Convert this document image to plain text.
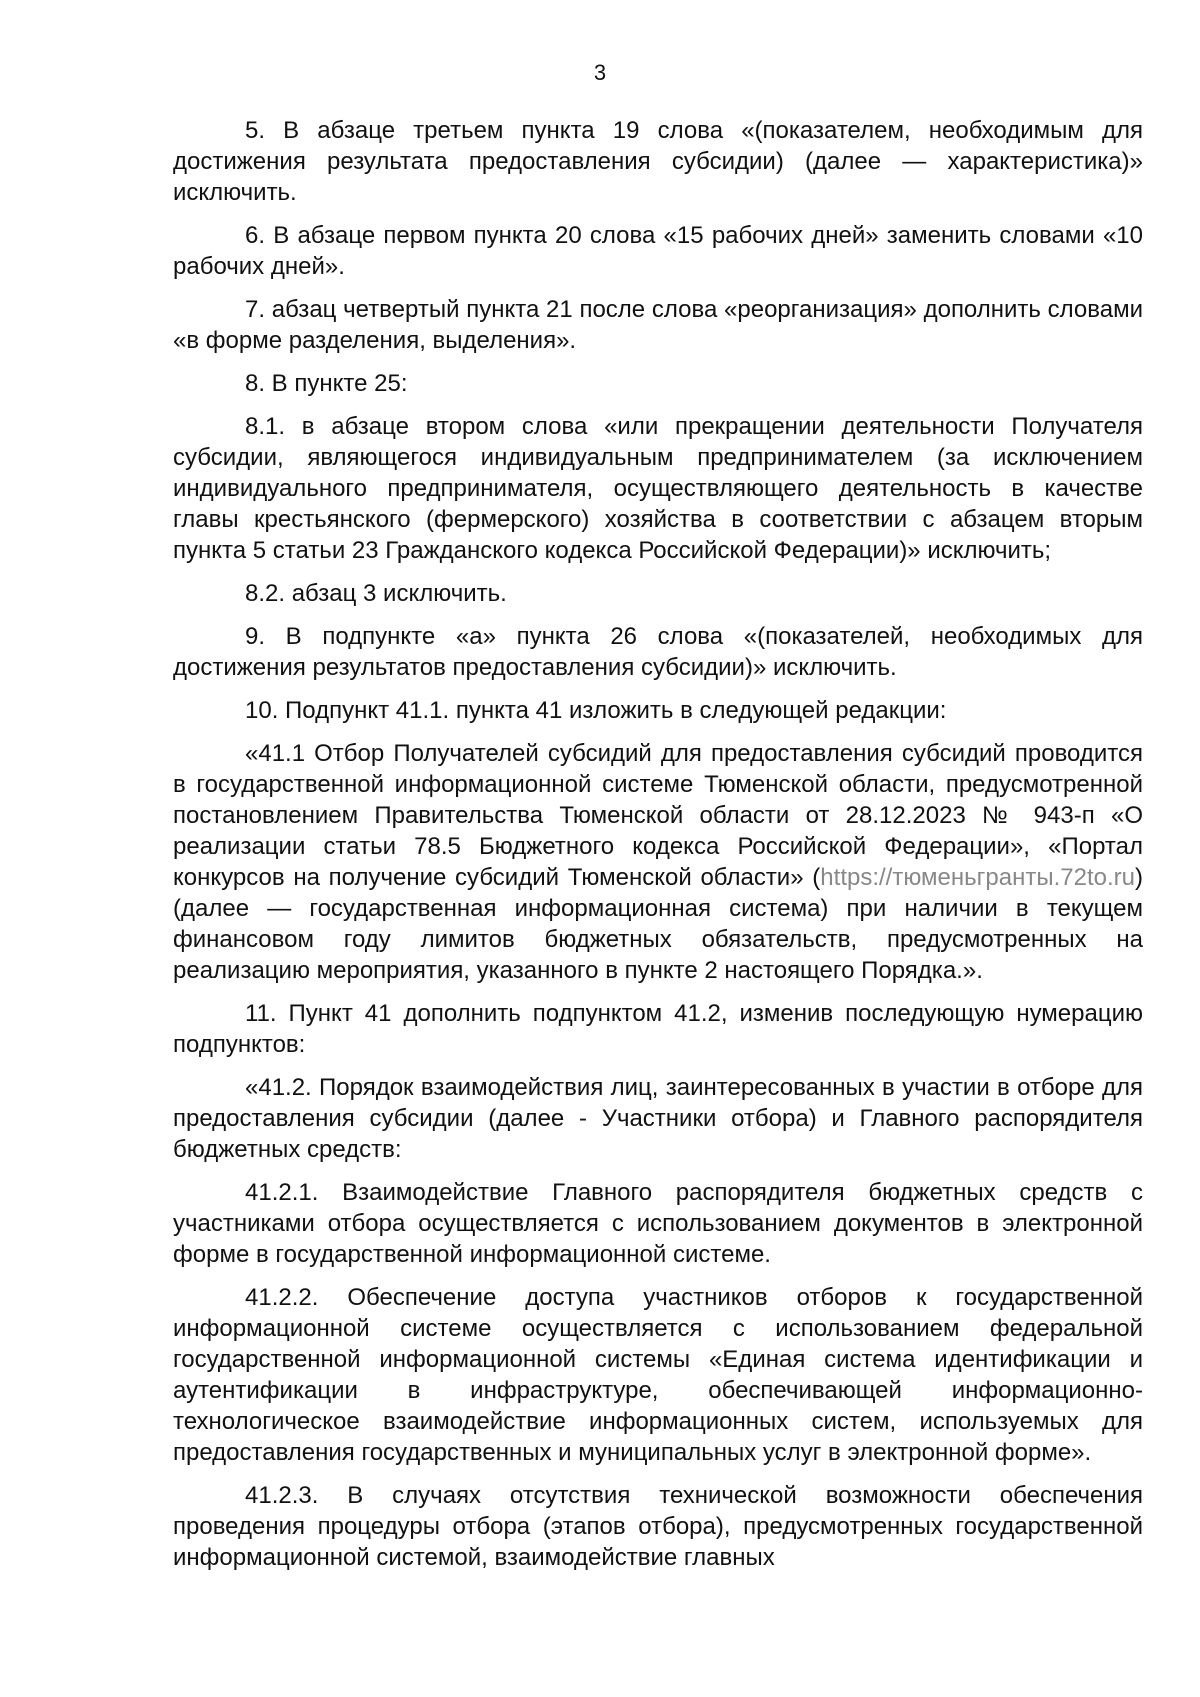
3

5. В абзаце третьем пункта 19 слова «(показателем, необходимым для достижения результата предоставления субсидии) (далее — характеристика)» исключить.

6. В абзаце первом пункта 20 слова «15 рабочих дней» заменить словами «10 рабочих дней».

7. абзац четвертый пункта 21 после слова «реорганизация» дополнить словами «в форме разделения, выделения».

8. В пункте 25:

8.1. в абзаце втором слова «или прекращении деятельности Получателя субсидии, являющегося индивидуальным предпринимателем (за исключением индивидуального предпринимателя, осуществляющего деятельность в качестве главы крестьянского (фермерского) хозяйства в соответствии с абзацем вторым пункта 5 статьи 23 Гражданского кодекса Российской Федерации)» исключить;

8.2. абзац 3 исключить.

9. В подпункте «а» пункта 26 слова «(показателей, необходимых для достижения результатов предоставления субсидии)» исключить.

10. Подпункт 41.1. пункта 41 изложить в следующей редакции:

«41.1 Отбор Получателей субсидий для предоставления субсидий проводится в государственной информационной системе Тюменской области, предусмотренной постановлением Правительства Тюменской области от 28.12.2023 № 943-п «О реализации статьи 78.5 Бюджетного кодекса Российской Федерации», «Портал конкурсов на получение субсидий Тюменской области» (https://тюменьгранты.72to.ru) (далее — государственная информационная система) при наличии в текущем финансовом году лимитов бюджетных обязательств, предусмотренных на реализацию мероприятия, указанного в пункте 2 настоящего Порядка.».

11. Пункт 41 дополнить подпунктом 41.2, изменив последующую нумерацию подпунктов:

«41.2. Порядок взаимодействия лиц, заинтересованных в участии в отборе для предоставления субсидии (далее - Участники отбора) и Главного распорядителя бюджетных средств:

41.2.1. Взаимодействие Главного распорядителя бюджетных средств с участниками отбора осуществляется с использованием документов в электронной форме в государственной информационной системе.

41.2.2. Обеспечение доступа участников отборов к государственной информационной системе осуществляется с использованием федеральной государственной информационной системы «Единая система идентификации и аутентификации в инфраструктуре, обеспечивающей информационно-технологическое взаимодействие информационных систем, используемых для предоставления государственных и муниципальных услуг в электронной форме».

41.2.3. В случаях отсутствия технической возможности обеспечения проведения процедуры отбора (этапов отбора), предусмотренных государственной информационной системой, взаимодействие главных
